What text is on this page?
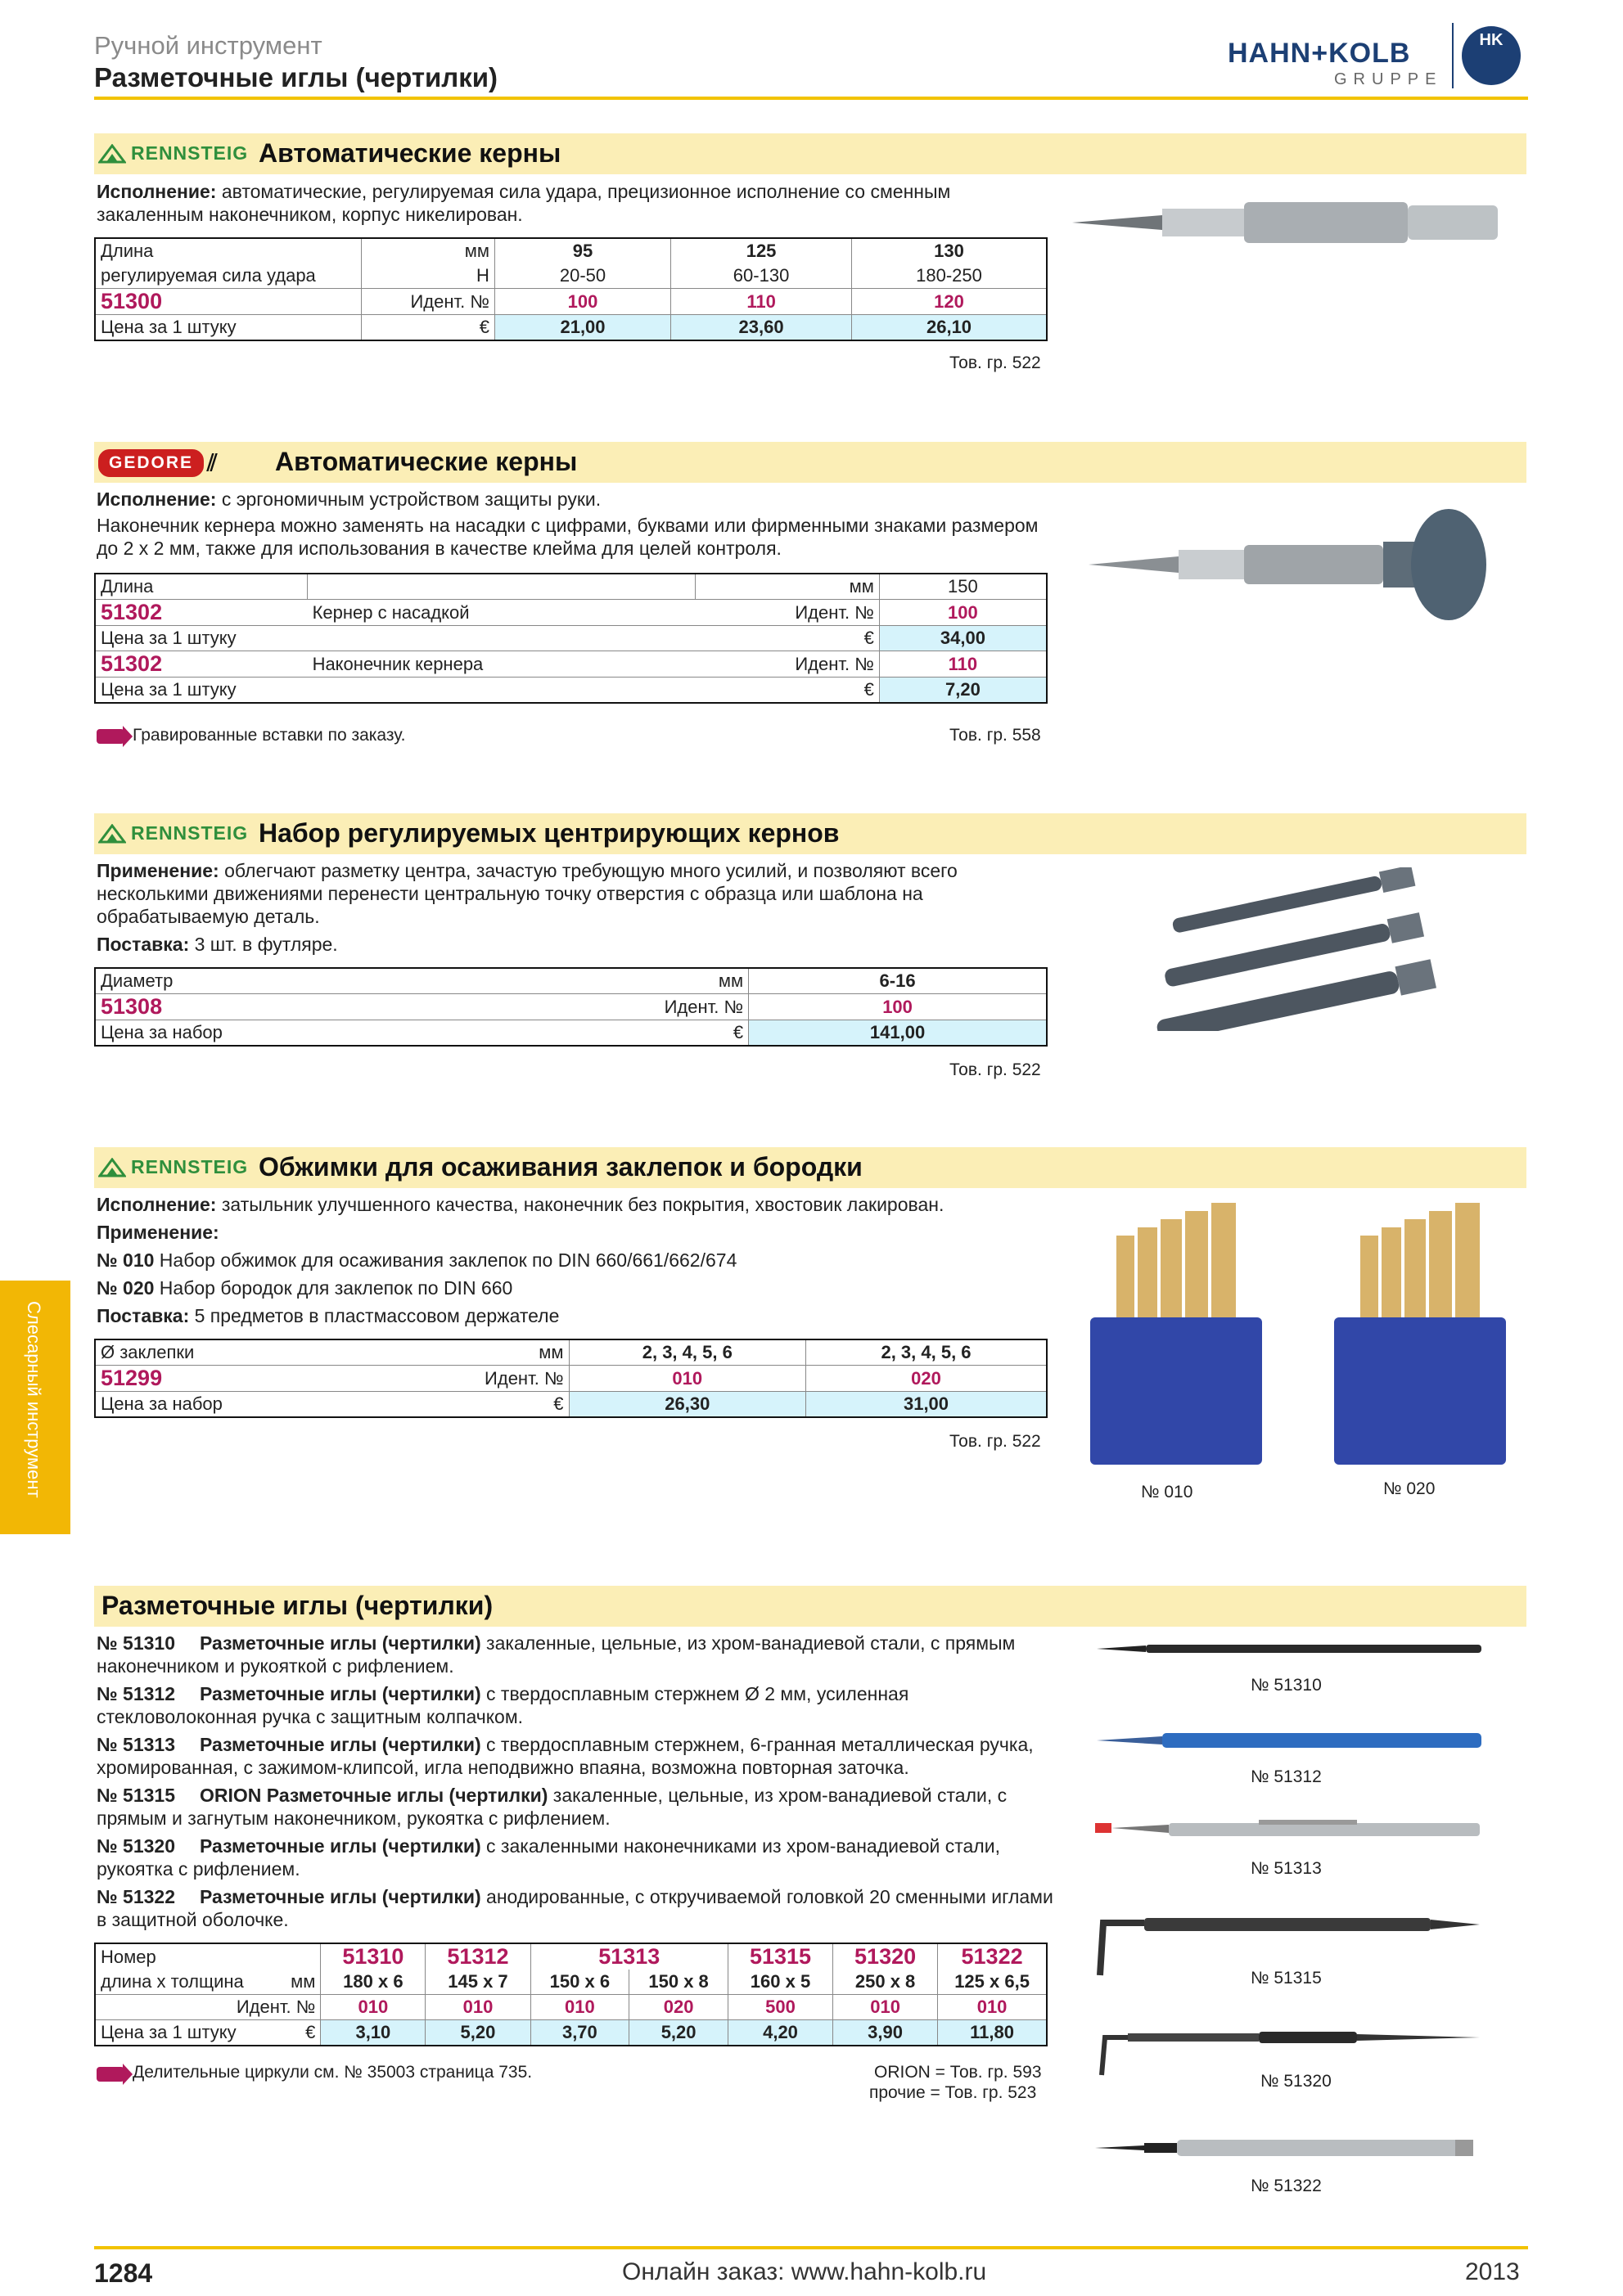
Ручной инструмент
Разметочные иглы (чертилки)
HAHN+KOLB
GRUPPE
HK
Слесарный инструмент
RENNSTEIG Автоматические керны
Исполнение: автоматические, регулируемая сила удара, прецизионное исполнение со сменным закаленным наконечником, корпус никелирован.
Длина	мм	95	125	130
регулируемая сила удара	Н	20-50	60-130	180-250
51300	Идент. №	100	110	120
Цена за 1 штуку	€	21,00	23,60	26,10
Тов. гр. 522
GEDORE ⫽ Автоматические керны
Исполнение: с эргономичным устройством защиты руки.
Наконечник кернера можно заменять на насадки с цифрами, буквами или фирменными знаками размером до 2 x 2 мм, также для использования в качестве клейма для целей контроля.
Длина		мм	150
51302	Кернер с насадкой	Идент. №	100
Цена за 1 штуку		€	34,00
51302	Наконечник кернера	Идент. №	110
Цена за 1 штуку		€	7,20
Гравированные вставки по заказу.	Тов. гр. 558
RENNSTEIG Набор регулируемых центрирующих кернов
Применение: облегчают разметку центра, зачастую требующую много усилий, и позволяют всего несколькими движениями перенести центральную точку отверстия с образца или шаблона на обрабатываемую деталь.
Поставка: 3 шт. в футляре.
Диаметр	мм	6-16
51308	Идент. №	100
Цена за набор	€	141,00
Тов. гр. 522
RENNSTEIG Обжимки для осаживания заклепок и бородки
Исполнение: затыльник улучшенного качества, наконечник без покрытия, хвостовик лакирован.
Применение:
№ 010 Набор обжимок для осаживания заклепок по DIN 660/661/662/674
№ 020 Набор бородок для заклепок по DIN 660
Поставка: 5 предметов в пластмассовом держателе
Ø заклепки	мм	2, 3, 4, 5, 6	2, 3, 4, 5, 6
51299	Идент. №	010	020
Цена за набор	€	26,30	31,00
Тов. гр. 522
№ 010	№ 020
Разметочные иглы (чертилки)
№ 51310 Разметочные иглы (чертилки) закаленные, цельные, из хром-ванадиевой стали, с прямым наконечником и рукояткой с рифлением.
№ 51312 Разметочные иглы (чертилки) с твердосплавным стержнем Ø 2 мм, усиленная стекловолоконная ручка с защитным колпачком.
№ 51313 Разметочные иглы (чертилки) с твердосплавным стержнем, 6-гранная металлическая ручка, хромированная, с зажимом-клипсой, игла неподвижно впаяна, возможна повторная заточка.
№ 51315 ORION Разметочные иглы (чертилки) закаленные, цельные, из хром-ванадиевой стали, с прямым и загнутым наконечником, рукоятка с рифлением.
№ 51320 Разметочные иглы (чертилки) с закаленными наконечниками из хром-ванадиевой стали, рукоятка с рифлением.
№ 51322 Разметочные иглы (чертилки) анодированные, с откручиваемой головкой 20 сменными иглами в защитной оболочке.
Номер		51310	51312	51313		51315	51320	51322
длина x толщина	мм	180 x 6	145 x 7	150 x 6	150 x 8	160 x 5	250 x 8	125 x 6,5
Идент. №		010	010	010	020	500	010	010
Цена за 1 штуку	€	3,10	5,20	3,70	5,20	4,20	3,90	11,80
Делительные циркули см. № 35003 страница 735.	ORION = Тов. гр. 593
прочие = Тов. гр. 523
№ 51310
№ 51312
№ 51313
№ 51315
№ 51320
№ 51322
1284	Онлайн заказ: www.hahn-kolb.ru	2013
